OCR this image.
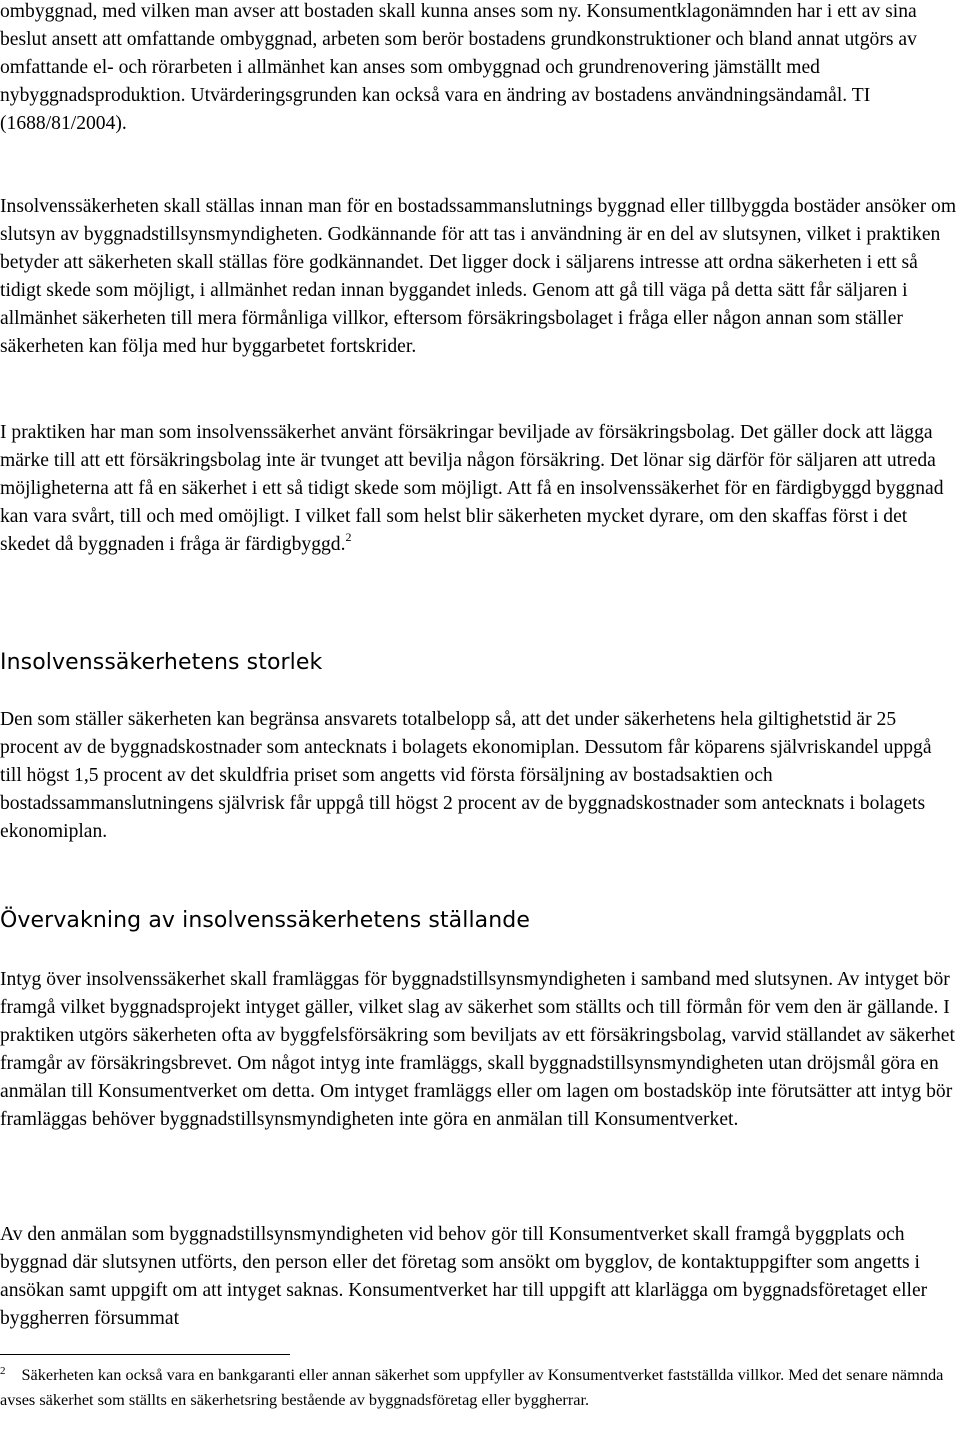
ombyggnad, med vilken man avser att bostaden skall kunna anses som ny. Konsumentklagonämnden har i ett av sina beslut ansett att omfattande ombyggnad, arbeten som berör bostadens grundkonstruktioner och bland annat utgörs av omfattande el- och rörarbeten i allmänhet kan anses som ombyggnad och grundrenovering jämställt med nybyggnadsproduktion. Utvärderingsgrunden kan också vara en ändring av bostadens användningsändamål. TI (1688/81/2004).

Insolvenssäkerheten skall ställas innan man för en bostadssammanslutnings byggnad eller tillbyggda bostäder ansöker om slutsyn av byggnadstillsynsmyndigheten. Godkännande för att tas i användning är en del av slutsynen, vilket i praktiken betyder att säkerheten skall ställas före godkännandet. Det ligger dock i säljarens intresse att ordna säkerheten i ett så tidigt skede som möjligt, i allmänhet redan innan byggandet inleds. Genom att gå till väga på detta sätt får säljaren i allmänhet säkerheten till mera förmånliga villkor, eftersom försäkringsbolaget i fråga eller någon annan som ställer säkerheten kan följa med hur byggarbetet fortskrider.

I praktiken har man som insolvenssäkerhet använt försäkringar beviljade av försäkringsbolag. Det gäller dock att lägga märke till att ett försäkringsbolag inte är tvunget att bevilja någon försäkring. Det lönar sig därför för säljaren att utreda möjligheterna att få en säkerhet i ett så tidigt skede som möjligt. Att få en insolvenssäkerhet för en färdigbyggd byggnad kan vara svårt, till och med omöjligt. I vilket fall som helst blir säkerheten mycket dyrare, om den skaffas först i det skedet då byggnaden i fråga är färdigbyggd.$^2$

Insolvenssäkerhetens storlek

Den som ställer säkerheten kan begränsa ansvarets totalbelopp så, att det under säkerhetens hela giltighetstid är 25 procent av de byggnadskostnader som antecknats i bolagets ekonomiplan. Dessutom får köparens självriskandel uppgå till högst 1,5 procent av det skuldfria priset som angetts vid första försäljning av bostadsaktien och bostadssammanslutningens självrisk får uppgå till högst 2 procent av de byggnadskostnader som antecknats i bolagets ekonomiplan.

Övervakning av insolvenssäkerhetens ställande

Intyg över insolvenssäkerhet skall framläggas för byggnadstillsynsmyndigheten i samband med slutsynen. Av intyget bör framgå vilket byggnadsprojekt intyget gäller, vilket slag av säkerhet som ställts och till förmån för vem den är gällande. I praktiken utgörs säkerheten ofta av byggfelsförsäkring som beviljats av ett försäkringsbolag, varvid ställandet av säkerhet framgår av försäkringsbrevet. Om något intyg inte framläggs, skall byggnadstillsynsmyndigheten utan dröjsmål göra en anmälan till Konsumentverket om detta. Om intyget framläggs eller om lagen om bostadsköp inte förutsätter att intyg bör framläggas behöver byggnadstillsynsmyndigheten inte göra en anmälan till Konsumentverket.

Av den anmälan som byggnadstillsynsmyndigheten vid behov gör till Konsumentverket skall framgå byggplats och byggnad där slutsynen utförts, den person eller det företag som ansökt om bygglov, de kontaktuppgifter som angetts i ansökan samt uppgift om att intyget saknas. Konsumentverket har till uppgift att klarlägga om byggnadsföretaget eller byggherren försummat

$^2$ Säkerheten kan också vara en bankgaranti eller annan säkerhet som uppfyller av Konsumentverket fastställda villkor. Med det senare nämnda avses säkerhet som ställts en säkerhetsring bestående av byggnadsföretag eller byggherrar.
